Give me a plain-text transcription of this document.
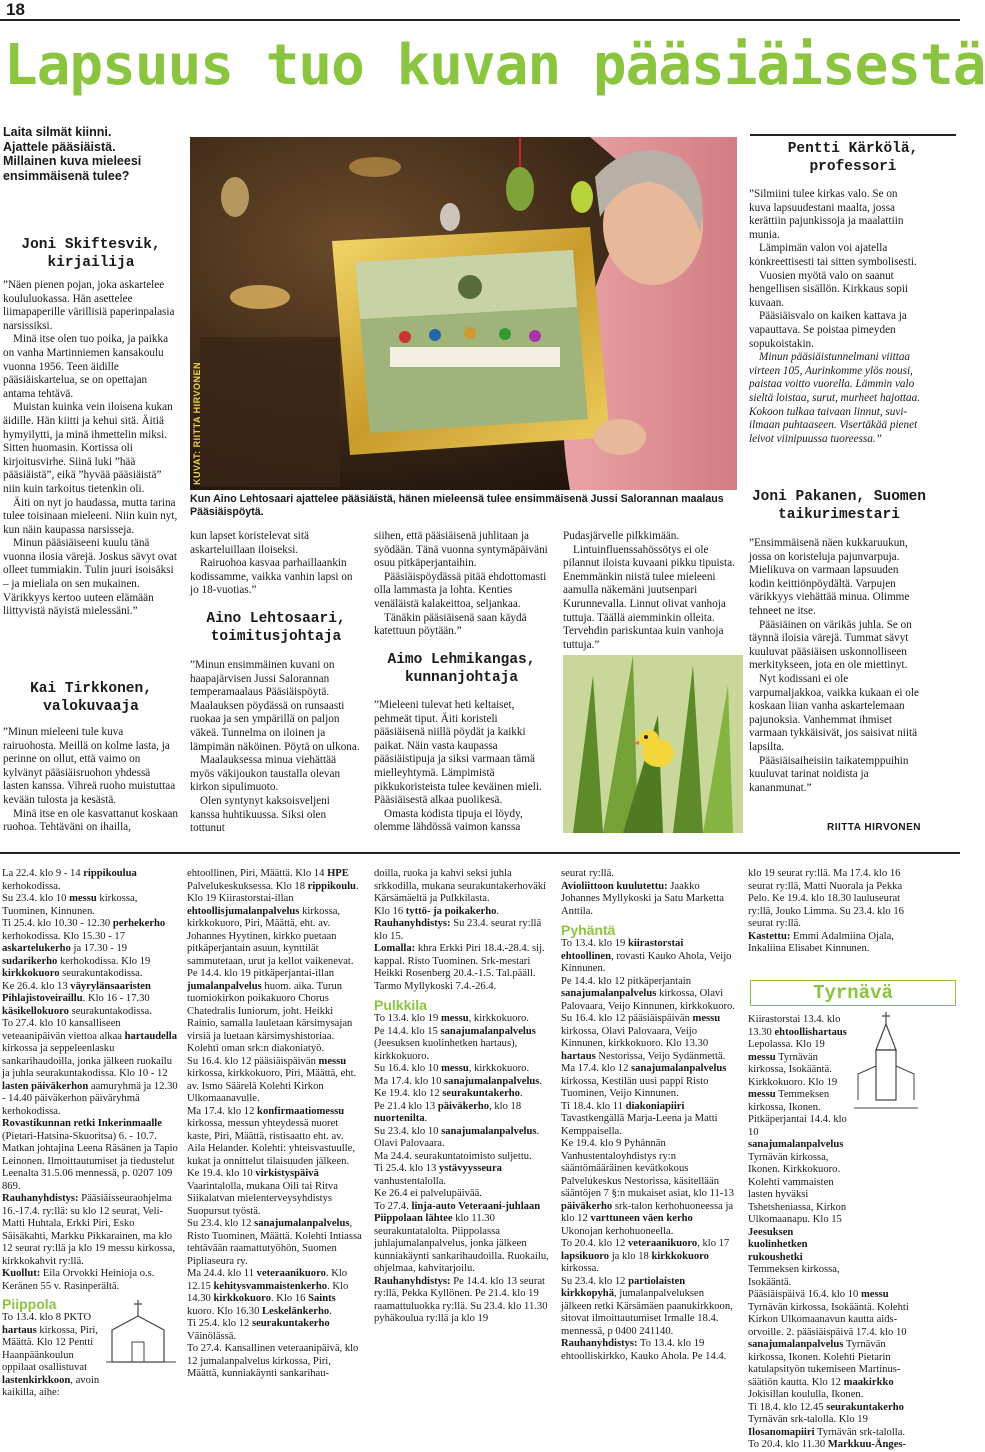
18
Lapsuus tuo kuvan pääsiäisestä
Laita silmät kiinni.
Ajattele pääsiäistä.
Millainen kuva mieleesi
ensimmäisenä tulee?
Joni Skiftesvik,
kirjailija

”Näen pienen pojan, joka askartelee koululuokassa. Hän asettelee liimapaperille värillisiä paperinpalasia narsissiksi.

Minä itse olen tuo poika, ja paikka on vanha Martinniemen kansakoulu vuonna 1956. Teen äidille pääsiäiskartelua, se on opettajan antama tehtävä.

Muistan kuinka vein iloisena kukan äidille. Hän kiitti ja kehui sitä. Äitiä hymyilytti, ja minä ihmettelin miksi. Sitten huomasin. Kortissa oli kirjoitusvirhe. Siinä luki ”hää pääsiäistä”, eikä ”hyvää pääsiäistä” niin kuin tarkoitus tietenkin oli.

Äiti on nyt jo haudassa, mutta tarina tulee toisinaan mieleeni. Niin kuin nyt, kun näin kaupassa narsisseja.

Minun pääsiäiseeni kuulu tänä vuonna ilosia värejä. Joskus sävyt ovat olleet tummiakin. Tulin juuri isoisäksi – ja mieliala on sen mukainen. Värikkyys kertoo uuteen elämään liittyvistä näyistä mielessäni.”

Kai Tirkkonen,
valokuvaaja

”Minun mieleeni tule kuva rairuohosta. Meillä on kolme lasta, ja perinne on ollut, että vaimo on kylvänyt pääsiäisruohon yhdessä lasten kanssa. Vihreä ruoho muistuttaa kevään tulosta ja kesästä.

Minä itse en ole kasvattanut koskaan ruohoa. Tehtäväni on ihailla,

KUVAT: RIITTA HIRVONEN
Kun Aino Lehtosaari ajattelee pääsiäistä, hänen mieleensä tulee ensimmäisenä Jussi Salorannan maalaus Pääsiäispöytä.

kun lapset koristelevat sitä askarteluillaan iloiseksi.

Rairuohoa kasvaa parhaillaankin kodissamme, vaikka vanhin lapsi on jo 18-vuotias.”

Aino Lehtosaari,
toimitusjohtaja

”Minun ensimmäinen kuvani on haapajärvisen Jussi Salorannan temperamaalaus Pääsiäispöytä. Maalauksen pöydässä on runsaasti ruokaa ja sen ympärillä on paljon väkeä. Tunnelma on iloinen ja lämpimän näköinen. Pöytä on ulkona.

Maalauksessa minua viehättää myös väkijoukon taustalla olevan kirkon sipulimuoto.

Olen syntynyt kaksoisveljeni kanssa huhtikuussa. Siksi olen tottunut

siihen, että pääsiäisenä juhlitaan ja syödään. Tänä vuonna syntymäpäiväni osuu pitkäperjantaihin.

Pääsiäispöydässä pitää ehdottomasti olla lammasta ja lohta. Kenties venäläistä kalakeittoa, seljankaa.

Tänäkin pääsiäisenä saan käydä katettuun pöytään.”

Aimo Lehmikangas,
kunnanjohtaja

”Mieleeni tulevat heti keltaiset, pehmeät tiput. Äiti koristeli pääsiäisenä niillä pöydät ja kaikki paikat. Näin vasta kaupassa pääsiäistipuja ja siksi varmaan tämä mielleyhtymä. Lämpimistä pikkukoristeista tulee keväinen mieli. Pääsiäisestä alkaa puolikesä.

Omasta kodista tipuja ei löydy, olemme lähdössä vaimon kanssa

Pudasjärvelle pilkkimään.

Lintuinfluenssahössötys ei ole pilannut iloista kuvaani pikku tipuista. Enemmänkin niistä tulee mieleeni aamulla näkemäni juutsenpari Kurunnevalla. Linnut olivat vanhoja tuttuja. Täällä aiemminkin olleita. Tervehdin pariskuntaa kuin vanhoja tuttuja.”

Pentti Kärkölä,
professori

”Silmiini tulee kirkas valo. Se on kuva lapsuudestani maalta, jossa kerättiin pajunkissoja ja maalattiin munia.

Lämpimän valon voi ajatella konkreettisesti tai sitten symbolisesti.

Vuosien myötä valo on saanut hengellisen sisällön. Kirkkaus sopii kuvaan.

Pääsiäisvalo on kaiken kattava ja vapauttava. Se poistaa pimeyden sopukoistakin.

Minun pääsiäistunnelmani viittaa virteen 105, Aurinkomme ylös nousi, paistaa voitto vuorella. Lämmin valo sieltä loistaa, surut, murheet hajottaa. Kokoon tulkaa taivaan linnut, suvi-ilmaan puhtaaseen. Visertäkää pienet leivot viinipuussa tuoreessa.”

Joni Pakanen, Suomen
taikurimestari

”Ensimmäisenä näen kukkaruukun, jossa on koristeluja pajunvarpuja. Mielikuva on varmaan lapsuuden kodin keittiönpöydältä. Varpujen värikkyys viehättää minua. Olimme tehneet ne itse.

Pääsiäinen on värikäs juhla. Se on täynnä iloisia värejä. Tummat sävyt kuuluvat pääsiäisen uskonnolliseen merkitykseen, jota en ole miettinyt.

Nyt kodissani ei ole varpumaljakkoa, vaikka kukaan ei ole koskaan liian vanha askartelemaan pajunoksia. Vanhemmat ihmiset varmaan tykkäisivät, jos saisivat niitä lapsilta.

Pääsiäisaiheisiin taikatemppuihin kuuluvat tarinat noidista ja kananmunat.”

RIITTA HIRVONEN
La 22.4. klo 9 - 14 rippikoulua kerhokodissa.
Su 23.4. klo 10 messu kirkossa, Tuominen, Kinnunen.
Ti 25.4. klo 10.30 - 12.30 perhekerho kerhokodissa. Klo 15.30 - 17 askartelukerho ja 17.30 - 19 sudarikerho kerhokodissa. Klo 19 kirkkokuoro seurakuntakodissa.
Ke 26.4. klo 13 väyrylänsaaristen Pihlajistoveiraillu. Klo 16 - 17.30 käsikellokuoro seurakuntakodissa.
To 27.4. klo 10 kansalliseen veteaanipäivän viettoa alkaa hartaudella kirkossa ja seppeleenlasku sankarihaudoilla, jonka jälkeen ruokailu ja juhla seurakuntakodissa. Klo 10 - 12 lasten päiväkerhon aamuryhmä ja 12.30 - 14.40 päiväkerhon päiväryhmä kerhokodissa.
Rovastikunnan retki Inkerinmaalle (Pietari-Hatsina-Skuoritsa) 6. - 10.7. Matkan johtajina Leena Räsänen ja Tapio Leinonen. Ilmoittautumiset ja tiedustelut Leenalta 31.5.06 mennessä, p. 0207 109 869.
Rauhanyhdistys: Pääsiäisseuraohjelma 16.-17.4. ry:llä: su klo 12 seurat, Veli-Matti Huhtala, Erkki Piri, Esko Säisäkahti, Markku Pikkarainen, ma klo 12 seurat ry:llä ja klo 19 messu kirkossa, kirkkokahvit ry:llä.
Kuollut: Eila Orvokki Heinioja o.s. Keränen 55 v. Rasinperältä.
Piippola
To 13.4. klo 8 PKTO hartaus kirkossa, Piri, Määttä. Klo 12 Pentti Haanpäänkoulun oppilaat osallistuvat lastenkirkkoon, avoin kaikilla, aihe:
ehtoollinen, Piri, Määttä. Klo 14 HPE Palvelukeskuksessa. Klo 18 rippikoulu. Klo 19 Kiirastorstai-illan ehtoollisjumalanpalvelus kirkossa, kirkkokuoro, Piri, Määttä, eht. av. Johannes Hyytinen, kirkko puetaan pitkäperjantain asuun, kynttilät sammutetaan, urut ja kellot vaikenevat.
Pe 14.4. klo 19 pitkäperjantai-illan jumalanpalvelus huom. aika. Turun tuomiokirkon poikakuoro Chorus Chatedralis Iuniorum, joht. Heikki Rainio, samalla lauletaan kärsimysajan virsiä ja luetaan kärsimyshistoriaa. Kolehti oman srk:n diakoniatyö.
Su 16.4. klo 12 pääsiäispäivän messu kirkossa, kirkkokuoro, Piri, Määttä, eht. av. Ismo Säärelä Kolehti Kirkon Ulkomaanavulle.
Ma 17.4. klo 12 konfirmaatiomessu kirkossa, messun yhteydessä nuoret kaste, Piri, Määttä, ristisaatto eht. av. Aila Helander. Kolehti: yhteisvastuulle, kukat ja onnittelut tilaisuuden jälkeen.
Ke 19.4. klo 10 virkistyspäivä Vaarintalolla, mukana Oili tai Ritva Siikalatvan mielenterveysyhdistys Suopursut työstä.
Su 23.4. klo 12 sanajumalanpalvelus, Risto Tuominen, Määttä. Kolehti Intiassa tehtävään raamattutyöhön, Suomen Pipliaseura ry.
Ma 24.4. klo 11 veteraanikuoro. Klo 12.15 kehitysvammaistenkerho. Klo 14.30 kirkkokuoro. Klo 16 Saints kuoro. Klo 16.30 Leskelänkerho.
Ti 25.4. klo 12 seurakuntakerho Väinölässä.
To 27.4. Kansallinen veteraanipäivä, klo 12 jumalanpalvelus kirkossa, Piri, Määttä, kunniakäynti sankarihau-
doilla, ruoka ja kahvi seksi juhla srkkodilla, mukana seurakuntakerhoväki Kärsämäeltä ja Pulkkilasta.
Klo 16 tyttö- ja poikakerho.
Rauhanyhdistys: Su 23.4. seurat ry:llä klo 15.
Lomalla: khra Erkki Piri 18.4.-28.4. sij. kappal. Risto Tuominen. Srk-mestari Heikki Rosenberg 20.4.-1.5. Tal.pääll. Tarmo Myllykoski 7.4.-26.4.
Pulkkila
To 13.4. klo 19 messu, kirkkokuoro.
Pe 14.4. klo 15 sanajumalanpalvelus (Jeesuksen kuolinhetken hartaus), kirkkokuoro.
Su 16.4. klo 10 messu, kirkkokuoro.
Ma 17.4. klo 10 sanajumalanpalvelus.
Ke 19.4. klo 12 seurakuntakerho.
Pe 21.4 klo 13 päiväkerho, klo 18 nuorteniltа.
Su 23.4. klo 10 sanajumalanpalvelus. Olavi Palovaara.
Ma 24.4. seurakuntatoimisto suljettu.
Ti 25.4. klo 13 ystävyysseura vanhustentalolla.
Ke 26.4 ei palvelupäivää.
To 27.4. linja-auto Veteraani-juhlaan Piippolaan lähtee klo 11.30 seurakuntatalolta. Piippolassa juhlajumalanpalvelus, jonka jälkeen kunniakäynti sankarihaudoilla. Ruokailu, ohjelmaa, kahvitarjoilu.
Rauhanyhdistys: Pe 14.4. klo 13 seurat ry:llä, Pekka Kyllönen. Pe 21.4. klo 19 raamattuluokka ry:llä. Su 23.4. klo 11.30 pyhäkoulua ry:llä ja klo 19
seurat ry:llä.
Avioliittoon kuulutettu: Jaakko Johannes Myllykoski ja Satu Marketta Anttila.
Pyhäntä
To 13.4. klo 19 kiirastorstai ehtoollinen, rovasti Kauko Ahola, Veijo Kinnunen.
Pe 14.4. klo 12 pitkäperjantain sanajumalanpalvelus kirkossa, Olavi Palovaara, Veijo Kinnunen, kirkkokuoro.
Su 16.4. klo 12 pääsiäispäivän messu kirkossa, Olavi Palovaara, Veijo Kinnunen, kirkkokuoro. Klo 13.30 hartaus Nestorissa, Veijo Sydänmettä.
Ma 17.4. klo 12 sanajumalanpalvelus kirkossa, Kestilän uusi pappi Risto Tuominen, Veijo Kinnunen.
Ti 18.4. klo 11 diakoniapiiri Tavastkengällä Marja-Leena ja Matti Kemppaisella.
Ke 19.4. klo 9 Pyhännän Vanhustentaloyhdistys ry:n sääntömääräinen kevätkokous Palvelukeskus Nestorissa, käsitellään sääntöjen 7 §:n mukaiset asiat, klo 11-13 päiväkerho srk-talon kerhohuoneessa ja klo 12 varttuneen väen kerho Ukonojan kerhohuoneella.
To 20.4. klo 12 veteraanikuoro, klo 17 lapsikuoro ja klo 18 kirkkokuoro kirkossa.
Su 23.4. klo 12 partiolaisten kirkkopyhä, jumalanpalveluksen jälkeen retki Kärsämäen paanukirkkoon, sitovat ilmoittautumiset Irmalle 18.4. mennessä, p 0400 241140.
Rauhanyhdistys: To 13.4. klo 19 ehtoolliskirkko, Kauko Ahola. Pe 14.4.
klo 19 seurat ry:llä. Ma 17.4. klo 16 seurat ry:llä, Matti Nuorala ja Pekka Pelo. Ke 19.4. klo 18.30 lauluseurat ry:llä, Jouko Limma. Su 23.4. klo 16 seurat ry:llä.
Kastettu: Emmi Adalmiina Ojala, Inkaliina Elisabet Kinnunen.
Tyrnävä
Kiirastorstai 13.4. klo 13.30 ehtoollishartaus Lepolassa. Klo 19 messu Tyrnävän kirkossa, Isokääntä. Kirkkokuoro. Klo 19 messu Temmeksen kirkossa, Ikonen. Pitkäperjantai 14.4. klo 10 sanajumalanpalvelus Tyrnävän kirkossa, Ikonen. Kirkkokuoro. Kolehti vammaisten lasten hyväksi Tshetsheniassa, Kirkon Ulkomaanapu. Klo 15 Jeesuksen kuolinhetken rukoushetki Temmeksen kirkossa, Isokääntä.
Pääsiäispäivä 16.4. klo 10 messu Tyrnävän kirkossa, Isokääntä. Kolehti Kirkon Ulkomaanavun kautta aids-orvoille. 2. pääsiäispäivä 17.4. klo 10 sanajumalanpalvelus Tyrnävän kirkossa, Ikonen. Kolehti Pietarin katulapsityön tukemiseen Martinus-säätiön kautta. Klo 12 maakirkko Jokisillan koululla, Ikonen.
Ti 18.4. klo 12.45 seurakuntakerho Tyrnävän srk-talolla. Klo 19 Ilosanomapiiri Tyrnävän srk-talolla.
To 20.4. klo 11.30 Markkuu-Änges-
